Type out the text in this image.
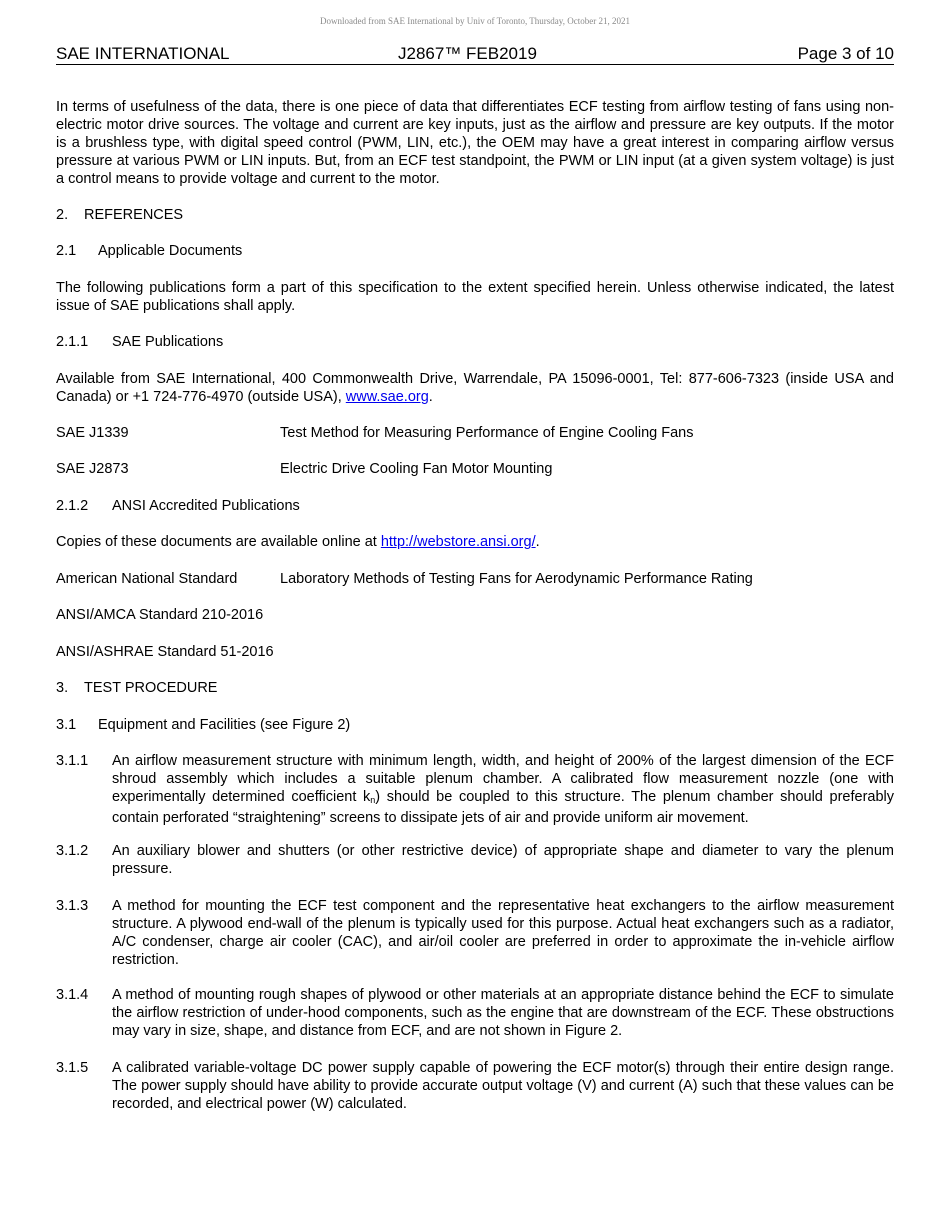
Downloaded from SAE International by Univ of Toronto, Thursday, October 21, 2021
SAE INTERNATIONAL	J2867™ FEB2019	Page 3 of 10

In terms of usefulness of the data, there is one piece of data that differentiates ECF testing from airflow testing of fans using non-electric motor drive sources. The voltage and current are key inputs, just as the airflow and pressure are key outputs. If the motor is a brushless type, with digital speed control (PWM, LIN, etc.), the OEM may have a great interest in comparing airflow versus pressure at various PWM or LIN inputs. But, from an ECF test standpoint, the PWM or LIN input (at a given system voltage) is just a control means to provide voltage and current to the motor.

2. REFERENCES
2.1 Applicable Documents

The following publications form a part of this specification to the extent specified herein. Unless otherwise indicated, the latest issue of SAE publications shall apply.

2.1.1 SAE Publications

Available from SAE International, 400 Commonwealth Drive, Warrendale, PA 15096-0001, Tel: 877-606-7323 (inside USA and Canada) or +1 724-776-4970 (outside USA), www.sae.org.

SAE J1339	Test Method for Measuring Performance of Engine Cooling Fans
SAE J2873	Electric Drive Cooling Fan Motor Mounting
2.1.2 ANSI Accredited Publications

Copies of these documents are available online at http://webstore.ansi.org/.

American National Standard	Laboratory Methods of Testing Fans for Aerodynamic Performance Rating
ANSI/AMCA Standard 210-2016
ANSI/ASHRAE Standard 51-2016
3. TEST PROCEDURE
3.1 Equipment and Facilities (see Figure 2)
3.1.1 An airflow measurement structure with minimum length, width, and height of 200% of the largest dimension of the ECF shroud assembly which includes a suitable plenum chamber. A calibrated flow measurement nozzle (one with experimentally determined coefficient $k_n$) should be coupled to this structure. The plenum chamber should preferably contain perforated “straightening” screens to dissipate jets of air and provide uniform air movement.
3.1.2 An auxiliary blower and shutters (or other restrictive device) of appropriate shape and diameter to vary the plenum pressure.
3.1.3 A method for mounting the ECF test component and the representative heat exchangers to the airflow measurement structure. A plywood end-wall of the plenum is typically used for this purpose. Actual heat exchangers such as a radiator, A/C condenser, charge air cooler (CAC), and air/oil cooler are preferred in order to approximate the in-vehicle airflow restriction.
3.1.4 A method of mounting rough shapes of plywood or other materials at an appropriate distance behind the ECF to simulate the airflow restriction of under-hood components, such as the engine that are downstream of the ECF. These obstructions may vary in size, shape, and distance from ECF, and are not shown in Figure 2.
3.1.5 A calibrated variable-voltage DC power supply capable of powering the ECF motor(s) through their entire design range. The power supply should have ability to provide accurate output voltage (V) and current (A) such that these values can be recorded, and electrical power (W) calculated.
